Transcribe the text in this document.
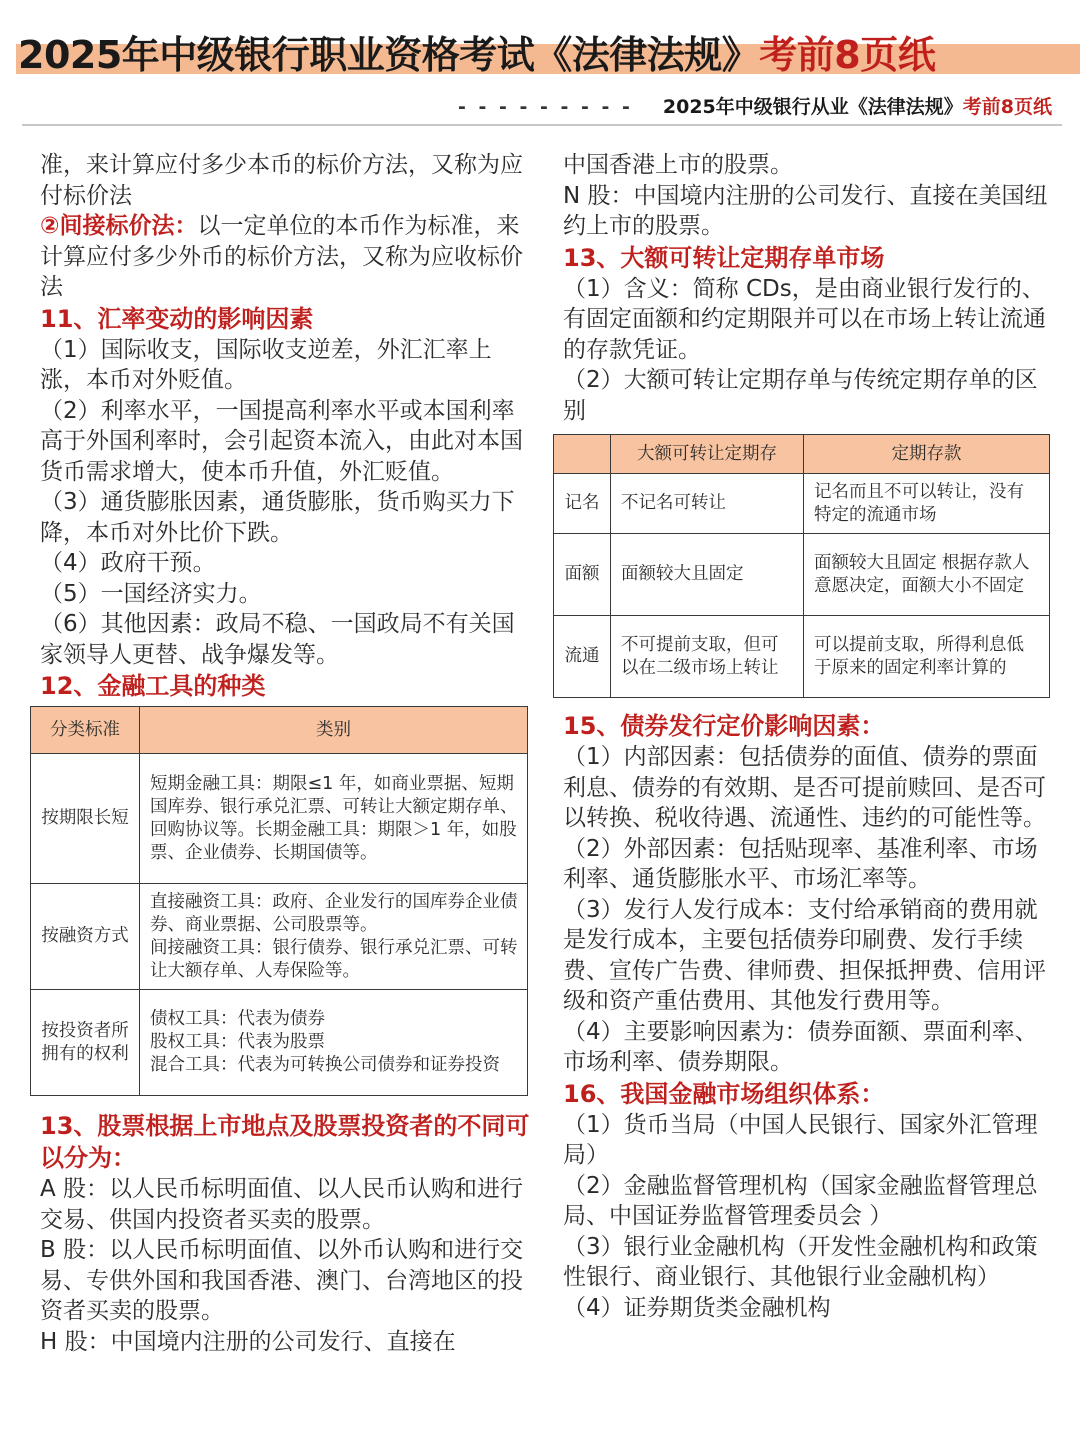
2025年中级银行职业资格考试《法律法规》考前8页纸
- - - - - - - - - 2025年中级银行从业《法律法规》考前8页纸
准，来计算应付多少本币的标价方法，又称为应付标价法
②间接标价法：以一定单位的本币作为标准，来计算应付多少外币的标价方法，又称为应收标价法
11、汇率变动的影响因素
（1）国际收支，国际收支逆差，外汇汇率上涨，本币对外贬值。
（2）利率水平，一国提高利率水平或本国利率高于外国利率时，会引起资本流入，由此对本国货币需求增大，使本币升值，外汇贬值。
（3）通货膨胀因素，通货膨胀，货币购买力下降，本币对外比价下跌。
（4）政府干预。
（5）一国经济实力。
（6）其他因素：政局不稳、一国政局不有关国家领导人更替、战争爆发等。
12、金融工具的种类
分类标准	类别
按期限长短	短期金融工具：期限≤1 年，如商业票据、短期国库券、银行承兑汇票、可转让大额定期存单、回购协议等。长期金融工具：期限＞1 年，如股票、企业债券、长期国债等。

按融资方式	直接融资工具：政府、企业发行的国库券企业债券、商业票据、公司股票等。
间接融资工具：银行债券、银行承兑汇票、可转让大额存单、人寿保险等。

按投资者所拥有的权利	债权工具：代表为债券
股权工具：代表为股票
混合工具：代表为可转换公司债券和证券投资
13、股票根据上市地点及股票投资者的不同可以分为：
A 股：以人民币标明面值、以人民币认购和进行交易、供国内投资者买卖的股票。
B 股：以人民币标明面值、以外币认购和进行交易、专供外国和我国香港、澳门、台湾地区的投资者买卖的股票。
H 股：中国境内注册的公司发行、直接在
中国香港上市的股票。
N 股：中国境内注册的公司发行、直接在美国纽约上市的股票。
13、大额可转让定期存单市场
（1）含义：简称 CDs，是由商业银行发行的、有固定面额和约定期限并可以在市场上转让流通的存款凭证。
（2）大额可转让定期存单与传统定期存单的区别
	大额可转让定期存	定期存款
记名	不记名可转让	记名而且不可以转让，没有特定的流通市场
面额	面额较大且固定	面额较大且固定 根据存款人意愿决定，面额大小不固定
流通	不可提前支取，但可以在二级市场上转让	可以提前支取，所得利息低于原来的固定利率计算的
15、债券发行定价影响因素：
（1）内部因素：包括债券的面值、债券的票面利息、债券的有效期、是否可提前赎回、是否可以转换、税收待遇、流通性、违约的可能性等。
（2）外部因素：包括贴现率、基准利率、市场利率、通货膨胀水平、市场汇率等。
（3）发行人发行成本：支付给承销商的费用就是发行成本，主要包括债券印刷费、发行手续费、宣传广告费、律师费、担保抵押费、信用评级和资产重估费用、其他发行费用等。
（4）主要影响因素为：债券面额、票面利率、市场利率、债券期限。
16、我国金融市场组织体系：
（1）货币当局（中国人民银行、国家外汇管理局）
（2）金融监督管理机构（国家金融监督管理总局、中国证券监督管理委员会 ）
（3）银行业金融机构（开发性金融机构和政策性银行、商业银行、其他银行业金融机构）
（4）证券期货类金融机构
